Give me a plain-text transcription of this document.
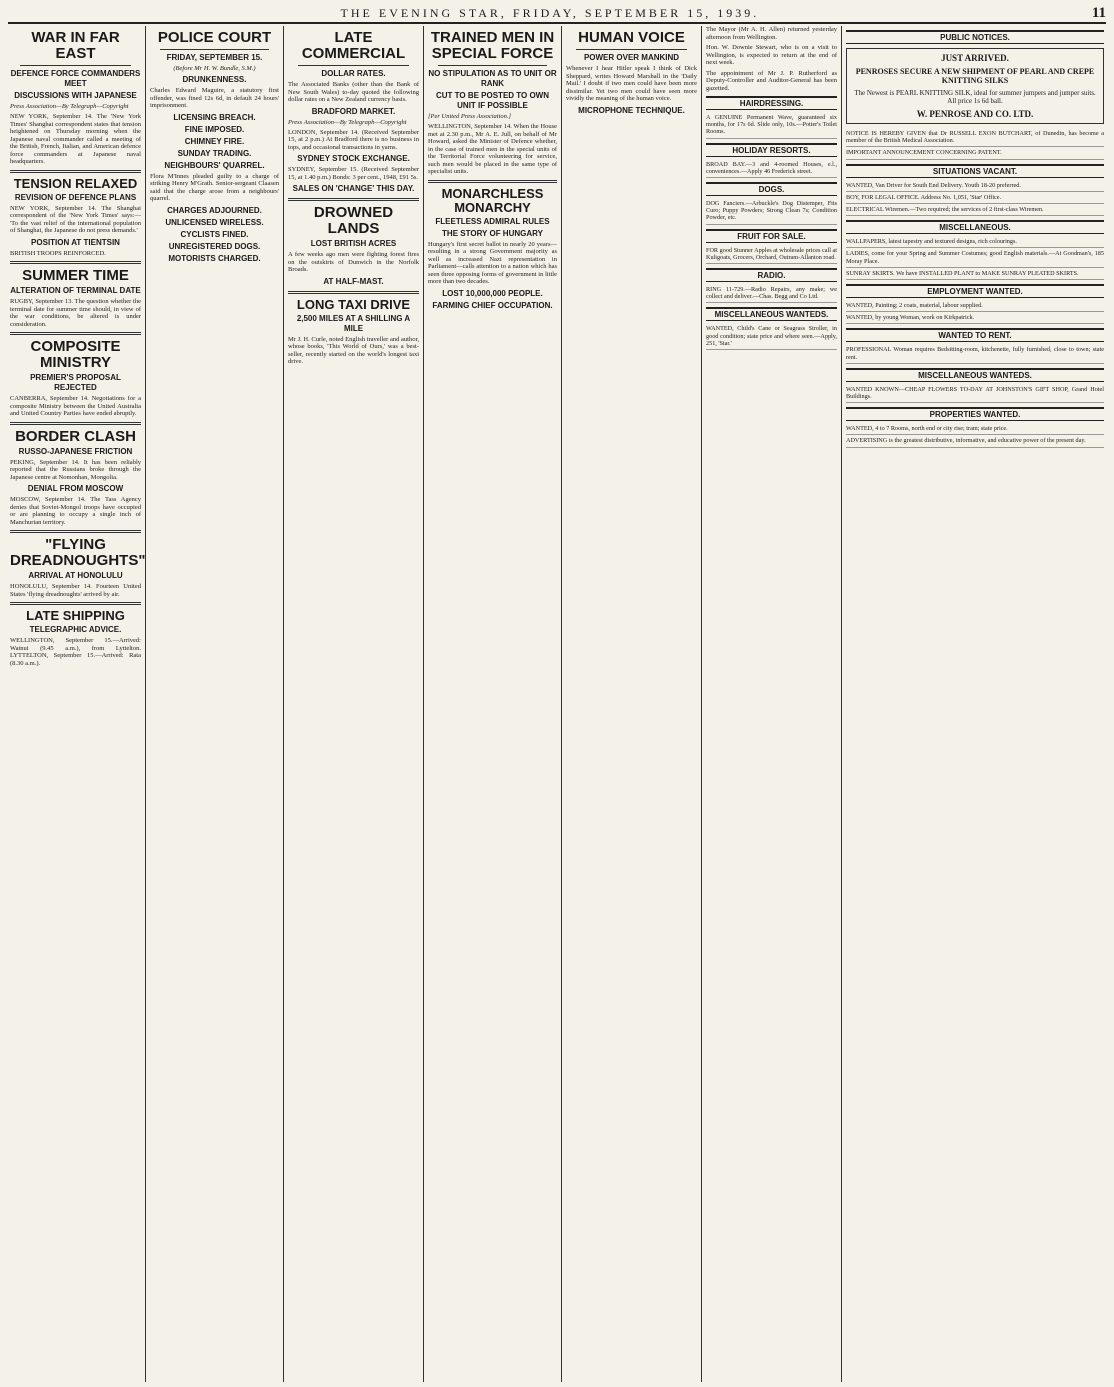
THE EVENING STAR, FRIDAY, SEPTEMBER 15, 1939.	11
WAR IN FAR EAST
DEFENCE FORCE COMMANDERS MEET
DISCUSSIONS WITH JAPANESE
Press Association—By Telegraph—Copyright
NEW YORK, September 14. The 'New York Times' Shanghai correspondent states that tension heightened on Thursday morning when the Japanese naval commander called a meeting of the British, French, Italian, and American defence force commanders at Japanese naval headquarters.
TENSION RELAXED
REVISION OF DEFENCE PLANS
NEW YORK, September 14. The Shanghai correspondent of the 'New York Times' says:— 'To the vast relief of the international population of Shanghai, the Japanese do not press demands.'
POSITION AT TIENTSIN
BRITISH TROOPS REINFORCED.
SUMMER TIME
ALTERATION OF TERMINAL DATE
RUGBY, September 13. The question whether the terminal date for summer time should, in view of the war conditions, be altered is under consideration.
COMPOSITE MINISTRY
PREMIER'S PROPOSAL REJECTED
CANBERRA, September 14. Negotiations for a composite Ministry between the United Australia and United Country Parties have ended abruptly.
BORDER CLASH
RUSSO-JAPANESE FRICTION
PEKING, September 14. It has been reliably reported that the Russians broke through the Japanese centre at Nomonhan, Mongolia.
DENIAL FROM MOSCOW
MOSCOW, September 14. The Tass Agency denies that Soviet-Mongol troops have occupied or are planning to occupy a single inch of Manchurian territory.
"FLYING DREADNOUGHTS"
ARRIVAL AT HONOLULU
HONOLULU, September 14. Fourteen United States 'flying dreadnoughts' arrived by air.
LATE SHIPPING
TELEGRAPHIC ADVICE.
WELLINGTON, September 15.—Arrived: Wainui (9.45 a.m.), from Lyttelton. LYTTELTON, September 15.—Arrived: Rata (8.30 a.m.).
POLICE COURT
FRIDAY, SEPTEMBER 15.
(Before Mr H. W. Bundle, S.M.)
DRUNKENNESS.
Charles Edward Maguire, a statutory first offender, was fined 12s 6d, in default 24 hours' imprisonment.
LICENSING BREACH.
FINE IMPOSED.
CHIMNEY FIRE.
SUNDAY TRADING.
NEIGHBOURS' QUARREL.
Flora M'Innes pleaded guilty to a charge of striking Henry M'Grath. Senior-sergeant Claasen said that the charge arose from a neighbours' quarrel.
CHARGES ADJOURNED.
UNLICENSED WIRELESS.
CYCLISTS FINED.
UNREGISTERED DOGS.
MOTORISTS CHARGED.
LATE COMMERCIAL
DOLLAR RATES.
The Associated Banks (other than the Bank of New South Wales) to-day quoted the following dollar rates on a New Zealand currency basis.
BRADFORD MARKET.
Press Association—By Telegraph—Copyright
LONDON, September 14. (Received September 15, at 2 p.m.) At Bradford there is no business in tops, and occasional transactions in yarns.
SYDNEY STOCK EXCHANGE.
SYDNEY, September 15. (Received September 15, at 1.40 p.m.) Bonds: 3 per cent., 1948, £91 5s.
SALES ON 'CHANGE' THIS DAY.
DROWNED LANDS
LOST BRITISH ACRES
A few weeks ago men were fighting forest fires on the outskirts of Dunwich in the Norfolk Broads.
AT HALF-MAST.
LONG TAXI DRIVE
2,500 MILES AT A SHILLING A MILE
Mr J. H. Curle, noted English traveller and author, whose books, 'This World of Ours,' was a best-seller, recently started on the world's longest taxi drive.
TRAINED MEN IN SPECIAL FORCE
NO STIPULATION AS TO UNIT OR RANK
CUT TO BE POSTED TO OWN UNIT IF POSSIBLE
[Per United Press Association.]
WELLINGTON, September 14. When the House met at 2.30 p.m., Mr A. E. Jull, on behalf of Mr Howard, asked the Minister of Defence whether, in the case of trained men in the special units of the Territorial Force volunteering for service, such men would be placed in the same type of specialist units.
MONARCHLESS MONARCHY
FLEETLESS ADMIRAL RULES
THE STORY OF HUNGARY
Hungary's first secret ballot in nearly 20 years—resulting in a strong Government majority as well as increased Nazi representation in Parliament—calls attention to a nation which has seen three opposing forms of government in little more than two decades.
LOST 10,000,000 PEOPLE.
FARMING CHIEF OCCUPATION.
HUMAN VOICE
POWER OVER MANKIND
Whenever I hear Hitler speak I think of Dick Sheppard, writes Howard Marshall in the 'Daily Mail.' I doubt if two men could have been more dissimilar. Yet two men could have seen more vividly the meaning of the human voice.
MICROPHONE TECHNIQUE.
The Mayor (Mr A. H. Allen) returned yesterday afternoon from Wellington.
Hon. W. Downie Stewart, who is on a visit to Wellington, is expected to return at the end of next week.
The appointment of Mr J. P. Rutherford as Deputy-Controller and Auditor-General has been gazetted.
HAIRDRESSING.
A GENUINE Permanent Wave, guaranteed six months, for 17s 6d. Slide only, 10s.—Potter's Toilet Rooms.
HOLIDAY RESORTS.
BROAD BAY.—3 and 4-roomed Houses, e.l., conveniences.—Apply 46 Frederick street.
DOGS.
DOG Fanciers.—Arbuckle's Dog Distemper, Fits Curo; Puppy Powders; Strong Clean 7s; Condition Powder, etc.
FRUIT FOR SALE.
FOR good Stunner Apples at wholesale prices call at Kuligoats, Grocers, Orchard, Outram-Allanton road.
RADIO.
RING 11-729.—Radio Repairs, any make; we collect and deliver.—Chas. Begg and Co Ltd.
MISCELLANEOUS WANTEDS.
WANTED, Child's Cane or Seagrass Stroller, in good condition; state price and where seen.—Apply, 251, 'Star.'
PUBLIC NOTICES.
JUST ARRIVED.
PENROSES SECURE A NEW SHIPMENT OF PEARL AND CREPE KNITTING SILKS
The Newest is PEARL KNITTING SILK, ideal for summer jumpers and jumper suits. All price 1s 6d ball.
W. PENROSE AND CO. LTD.
NOTICE IS HEREBY GIVEN that Dr RUSSELL EXON BUTCHART, of Dunedin, has become a member of the British Medical Association.
IMPORTANT ANNOUNCEMENT CONCERNING PATENT.
SITUATIONS VACANT.
WANTED, Van Driver for South End Delivery. Youth 18-20 preferred.
BOY, FOR LEGAL OFFICE. Address No. 1,051, 'Star' Office.
ELECTRICAL Wiremen.—Two required; the services of 2 first-class Wiremen.
MISCELLANEOUS.
WALLPAPERS, latest tapestry and textured designs, rich colourings.
LADIES, come for your Spring and Summer Costumes; good English materials.—At Goodman's, 185 Moray Place.
SUNRAY SKIRTS. We have INSTALLED PLANT to MAKE SUNRAY PLEATED SKIRTS.
EMPLOYMENT WANTED.
WANTED, Painting; 2 coats, material, labour supplied.
WANTED, by young Woman, work on Kirkpatrick.
WANTED TO RENT.
PROFESSIONAL Woman requires Bedsitting-room, kitchenette, fully furnished, close to town; state rent.
MISCELLANEOUS WANTEDS.
WANTED KNOWN—CHEAP FLOWERS TO-DAY AT JOHNSTON'S GIFT SHOP, Grand Hotel Buildings.
PROPERTIES WANTED.
WANTED, 4 to 7 Rooms, north end or city rise; tram; state price.
ADVERTISING is the greatest distributive, informative, and educative power of the present day.
